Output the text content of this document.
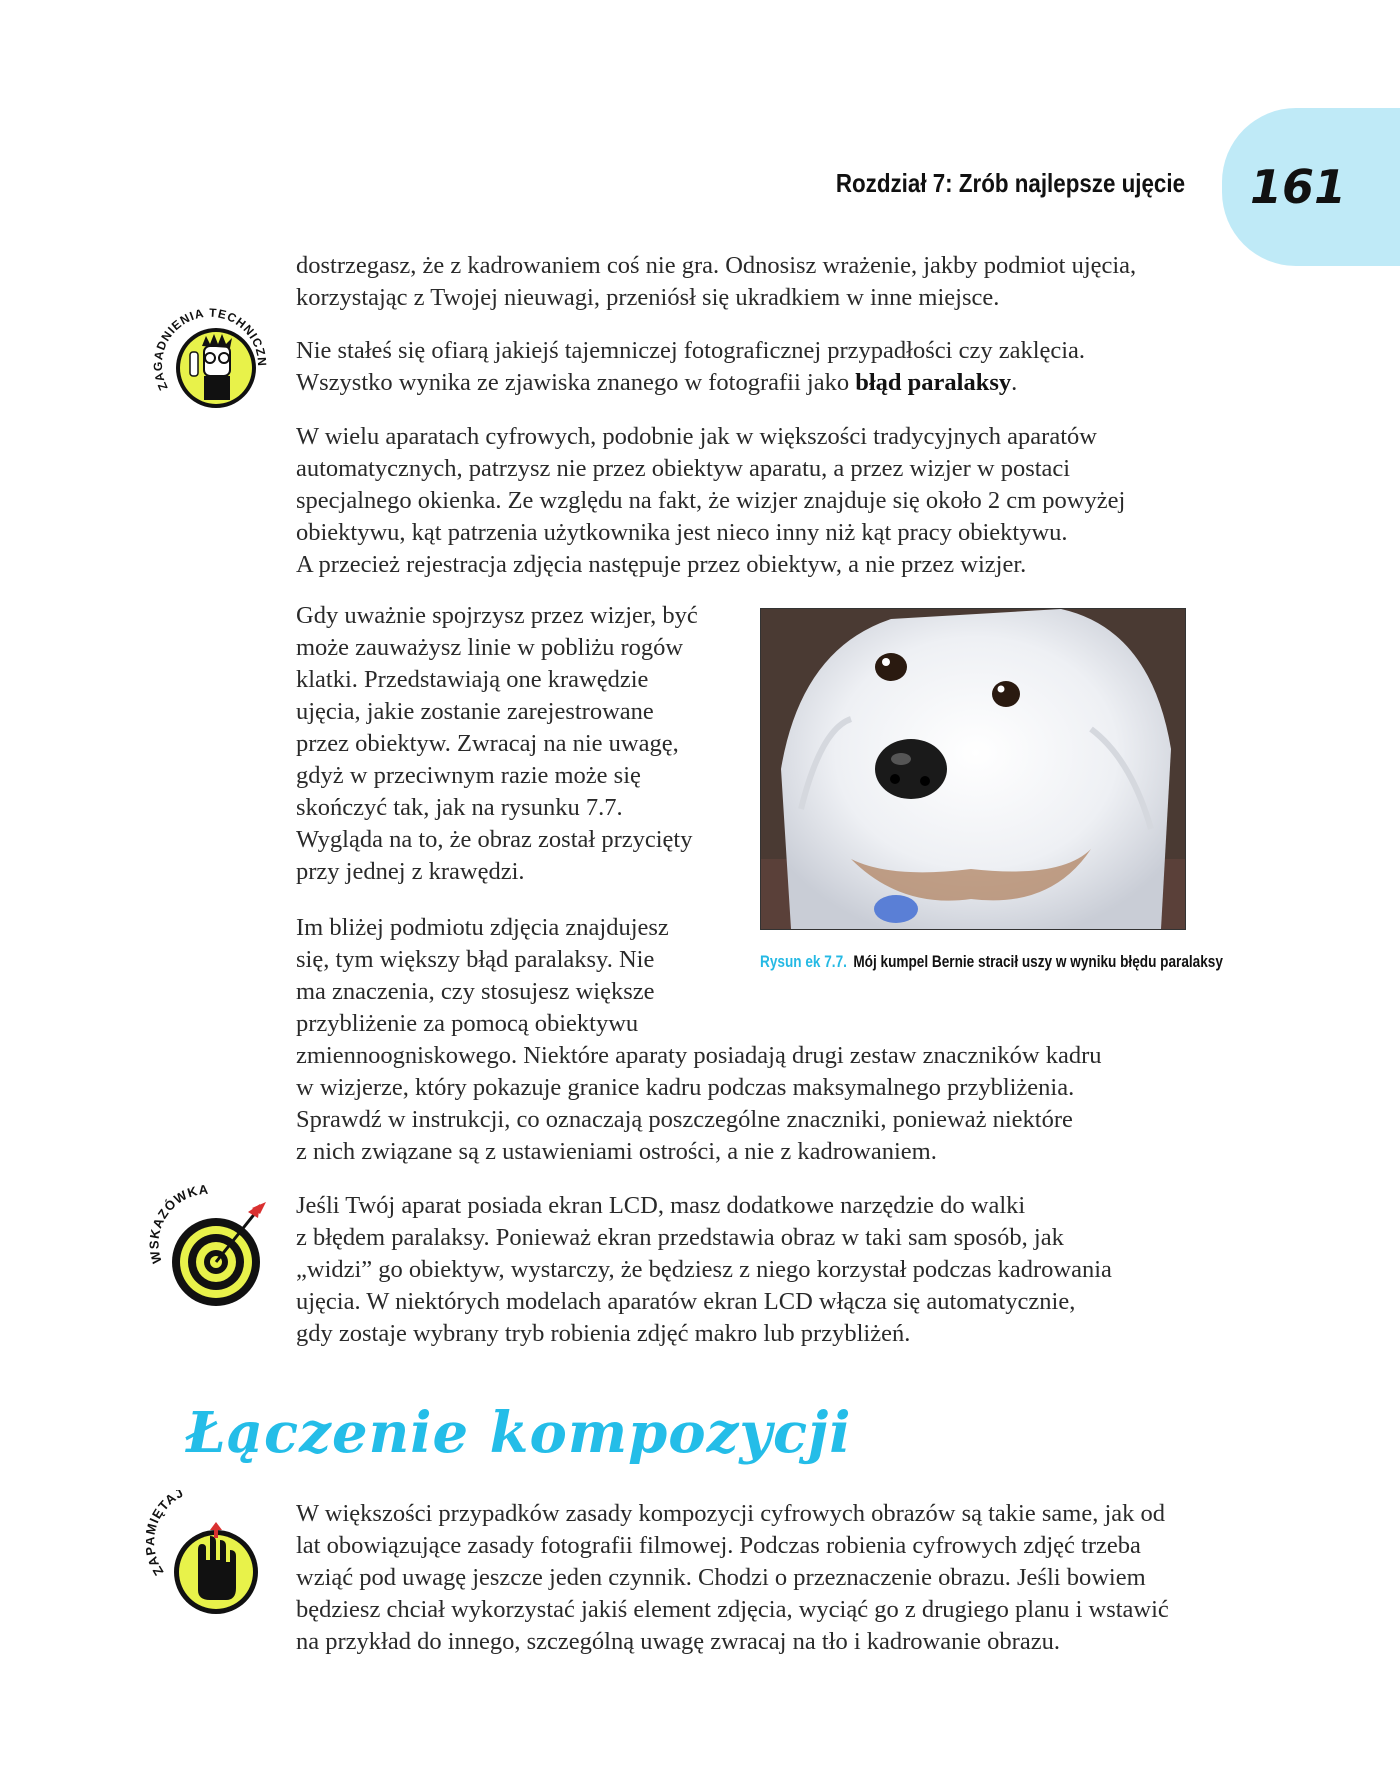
Rozdział 7: Zrób najlepsze ujęcie	161
ZAGADNIENIA TECHNICZN

dostrzegasz, że z kadrowaniem coś nie gra. Odnosisz wrażenie, jakby podmiot ujęcia,
korzystając z Twojej nieuwagi, przeniósł się ukradkiem w inne miejsce.

Nie stałeś się ofiarą jakiejś tajemniczej fotograficznej przypadłości czy zaklęcia.
Wszystko wynika ze zjawiska znanego w fotografii jako błąd paralaksy.

W wielu aparatach cyfrowych, podobnie jak w większości tradycyjnych aparatów
automatycznych, patrzysz nie przez obiektyw aparatu, a przez wizjer w postaci
specjalnego okienka. Ze względu na fakt, że wizjer znajduje się około 2 cm powyżej
obiektywu, kąt patrzenia użytkownika jest nieco inny niż kąt pracy obiektywu.
A przecież rejestracja zdjęcia następuje przez obiektyw, a nie przez wizjer.

Gdy uważnie spojrzysz przez wizjer, być
może zauważysz linie w pobliżu rogów
klatki. Przedstawiają one krawędzie
ujęcia, jakie zostanie zarejestrowane
przez obiektyw. Zwracaj na nie uwagę,
gdyż w przeciwnym razie może się
skończyć tak, jak na rysunku 7.7.
Wygląda na to, że obraz został przycięty
przy jednej z krawędzi.

Rysun ek 7.7. Mój kumpel Bernie stracił uszy w wyniku błędu paralaksy

Im bliżej podmiotu zdjęcia znajdujesz
się, tym większy błąd paralaksy. Nie
ma znaczenia, czy stosujesz większe
przybliżenie za pomocą obiektywu

zmiennoogniskowego. Niektóre aparaty posiadają drugi zestaw znaczników kadru
w wizjerze, który pokazuje granice kadru podczas maksymalnego przybliżenia.
Sprawdź w instrukcji, co oznaczają poszczególne znaczniki, ponieważ niektóre
z nich związane są z ustawieniami ostrości, a nie z kadrowaniem.

WSKAZÓWKA

Jeśli Twój aparat posiada ekran LCD, masz dodatkowe narzędzie do walki
z błędem paralaksy. Ponieważ ekran przedstawia obraz w taki sam sposób, jak
„widzi” go obiektyw, wystarczy, że będziesz z niego korzystał podczas kadrowania
ujęcia. W niektórych modelach aparatów ekran LCD włącza się automatycznie,
gdy zostaje wybrany tryb robienia zdjęć makro lub przybliżeń.

Łączenie kompozycji
ZA IĘTAJ

W większości przypadków zasady kompozycji cyfrowych obrazów są takie same, jak od
lat obowiązujące zasady fotografii filmowej. Podczas robienia cyfrowych zdjęć trzeba
wziąć pod uwagę jeszcze jeden czynnik. Chodzi o przeznaczenie obrazu. Jeśli bowiem
będziesz chciał wykorzystać jakiś element zdjęcia, wyciąć go z drugiego planu i wstawić
na przykład do innego, szczególną uwagę zwracaj na tło i kadrowanie obrazu.
